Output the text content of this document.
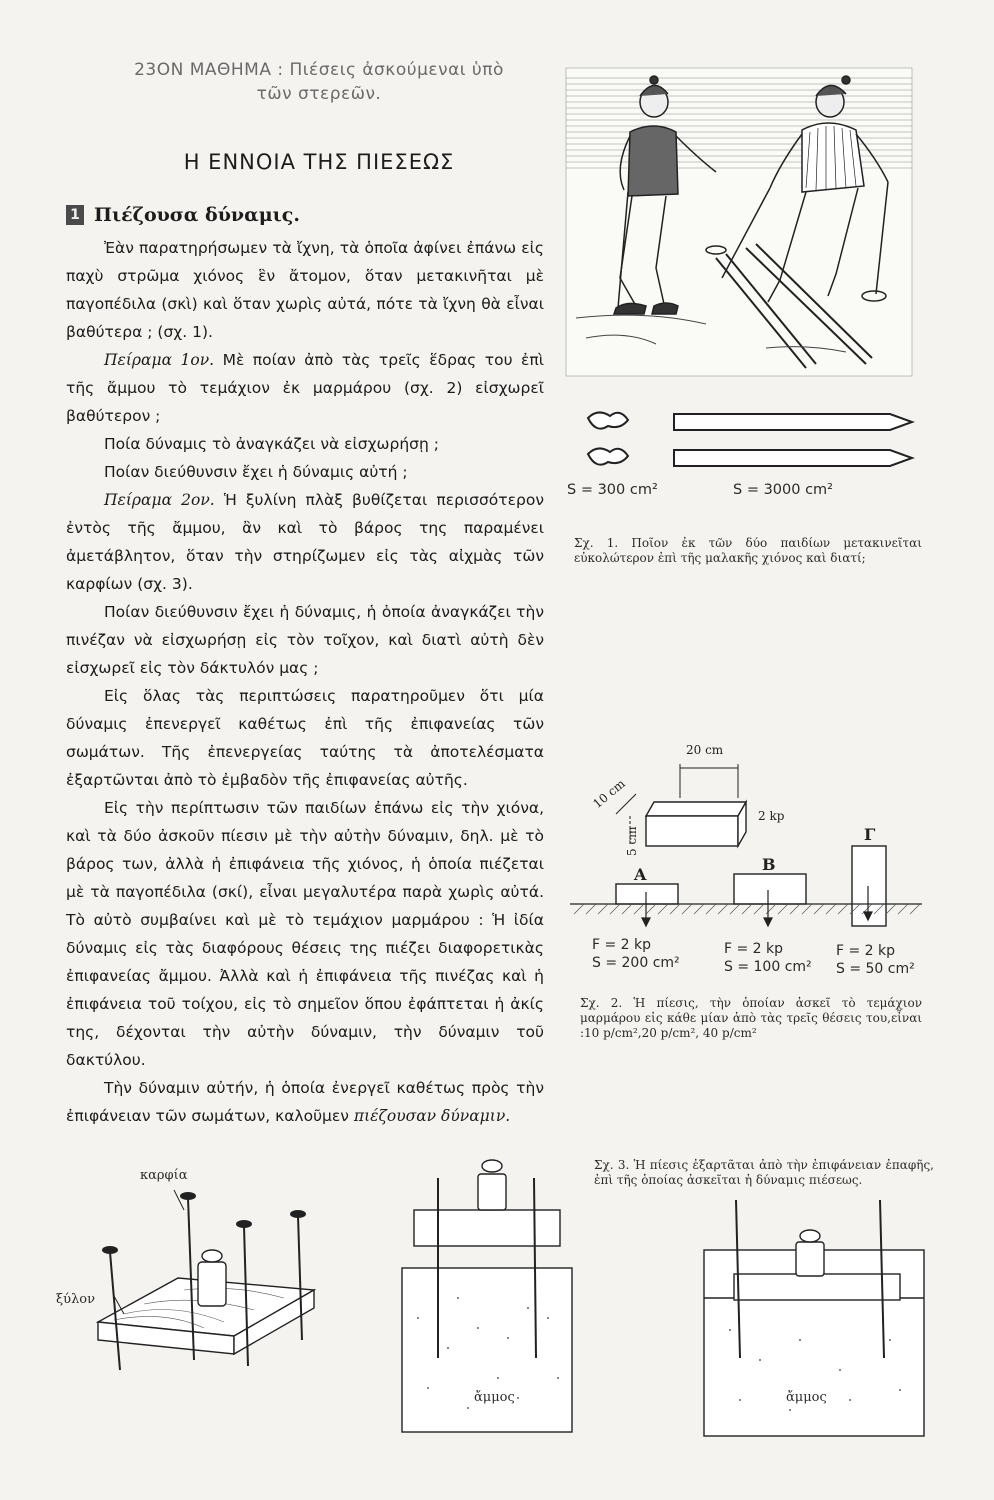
23ΟΝ ΜΑΘΗΜΑ : Πιέσεις ἀσκούμεναι ὑπὸ
τῶν στερεῶν.
Η ΕΝΝΟΙΑ ΤΗΣ ΠΙΕΣΕΩΣ
1 Πιέζουσα δύναμις.

Ἐὰν παρατηρήσωμεν τὰ ἴχνη, τὰ ὁποῖα ἀφίνει ἐπάνω εἰς παχὺ στρῶμα χιόνος ἓν ἄτομον, ὅταν μετακινῆται μὲ παγοπέδιλα (σκὶ) καὶ ὅταν χωρὶς αὐτά, πότε τὰ ἴχνη θὰ εἶναι βαθύτερα ; (σχ. 1).

Πείραμα 1ον. Μὲ ποίαν ἀπὸ τὰς τρεῖς ἕδρας του ἐπὶ τῆς ἄμμου τὸ τεμάχιον ἐκ μαρμάρου (σχ. 2) εἰσχωρεῖ βαθύτερον ;

Ποία δύναμις τὸ ἀναγκάζει νὰ εἰσχωρήσῃ ;

Ποίαν διεύθυνσιν ἔχει ἡ δύναμις αὐτή ;

Πείραμα 2ον. Ἡ ξυλίνη πλὰξ βυθίζεται περισσότερον ἐντὸς τῆς ἄμμου, ἂν καὶ τὸ βάρος της παραμένει ἀμετάβλητον, ὅταν τὴν στηρίζωμεν εἰς τὰς αἰχμὰς τῶν καρφίων (σχ. 3).

Ποίαν διεύθυνσιν ἔχει ἡ δύναμις, ἡ ὁποία ἀναγκάζει τὴν πινέζαν νὰ εἰσχωρήσῃ εἰς τὸν τοῖχον, καὶ διατὶ αὐτὴ δὲν εἰσχωρεῖ εἰς τὸν δάκτυλόν μας ;

Εἰς ὅλας τὰς περιπτώσεις παρατηροῦμεν ὅτι μία δύναμις ἐπενεργεῖ καθέτως ἐπὶ τῆς ἐπιφανείας τῶν σωμάτων. Τῆς ἐπενεργείας ταύτης τὰ ἀποτελέσματα ἐξαρτῶνται ἀπὸ τὸ ἐμβαδὸν τῆς ἐπιφανείας αὐτῆς.

Εἰς τὴν περίπτωσιν τῶν παιδίων ἐπάνω εἰς τὴν χιόνα, καὶ τὰ δύο ἀσκοῦν πίεσιν μὲ τὴν αὐτὴν δύναμιν, δηλ. μὲ τὸ βάρος των, ἀλλὰ ἡ ἐπιφάνεια τῆς χιόνος, ἡ ὁποία πιέζεται μὲ τὰ παγοπέδιλα (σκί), εἶναι μεγαλυτέρα παρὰ χωρὶς αὐτά. Τὸ αὐτὸ συμβαίνει καὶ μὲ τὸ τεμάχιον μαρμάρου : Ἡ ἰδία δύναμις εἰς τὰς διαφόρους θέσεις της πιέζει διαφορετικὰς ἐπιφανείας ἄμμου. Ἀλλὰ καὶ ἡ ἐπιφάνεια τῆς πινέζας καὶ ἡ ἐπιφάνεια τοῦ τοίχου, εἰς τὸ σημεῖον ὅπου ἐφάπτεται ἡ ἀκίς της, δέχονται τὴν αὐτὴν δύναμιν, τὴν δύναμιν τοῦ δακτύλου.

Τὴν δύναμιν αὐτήν, ἡ ὁποία ἐνεργεῖ καθέτως πρὸς τὴν ἐπιφάνειαν τῶν σωμάτων, καλοῦμεν πιέζουσαν δύναμιν.

S = 300 cm²	S = 3000 cm²
Σχ. 1. Ποῖον ἐκ τῶν δύο παιδίων μετακινεῖται εὐκολώτερον ἐπὶ τῆς μαλακῆς χιόνος καὶ διατί;
20 cm
10 cm
5 cm
2 kp
Α
Β
Γ
F = 2 kp
S = 200 cm²
F = 2 kp
S = 100 cm²
F = 2 kp
S = 50 cm²
Σχ. 2. Ἡ πίεσις, τὴν ὁποίαν ἀσκεῖ τὸ τεμάχιον μαρμάρου εἰς κάθε μίαν ἀπὸ τὰς τρεῖς θέσεις του,εἶναι :10 p/cm²,20 p/cm², 40 p/cm²
Σχ. 3. Ἡ πίεσις ἐξαρτᾶται ἀπὸ τὴν ἐπιφάνειαν ἐπαφῆς, ἐπὶ τῆς ὁποίας ἀσκεῖται ἡ δύναμις πιέσεως.
καρφία
ξύλον
ἄμμος	ἄμμος
